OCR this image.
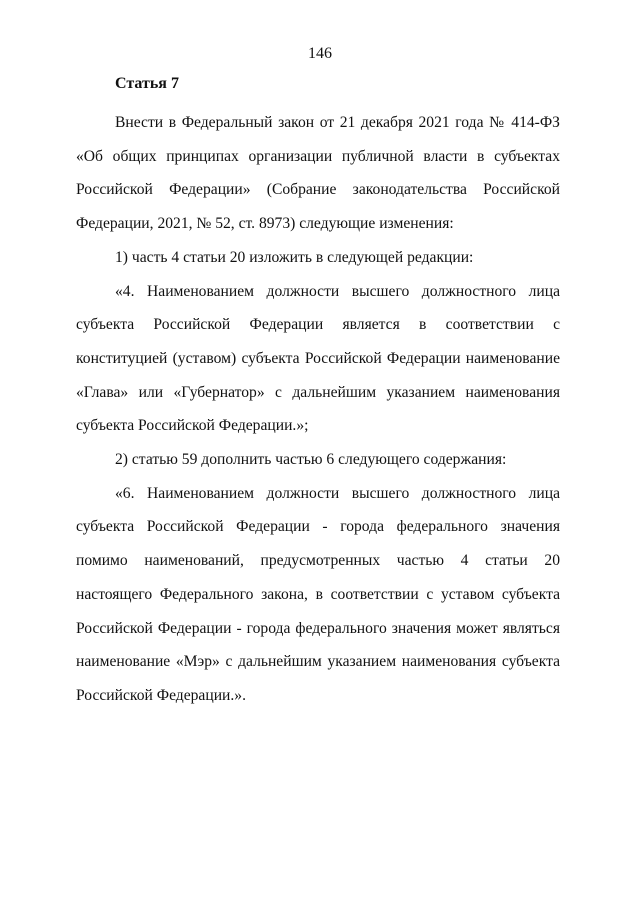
146
Статья 7

Внести в Федеральный закон от 21 декабря 2021 года № 414-ФЗ «Об общих принципах организации публичной власти в субъектах Российской Федерации» (Собрание законодательства Российской Федерации, 2021, № 52, ст. 8973) следующие изменения:

1) часть 4 статьи 20 изложить в следующей редакции:

«4. Наименованием должности высшего должностного лица субъекта Российской Федерации является в соответствии с конституцией (уставом) субъекта Российской Федерации наименование «Глава» или «Губернатор» с дальнейшим указанием наименования субъекта Российской Федерации.»;

2) статью 59 дополнить частью 6 следующего содержания:

«6. Наименованием должности высшего должностного лица субъекта Российской Федерации - города федерального значения помимо наименований, предусмотренных частью 4 статьи 20 настоящего Федерального закона, в соответствии с уставом субъекта Российской Федерации - города федерального значения может являться наименование «Мэр» с дальнейшим указанием наименования субъекта Российской Федерации.».
